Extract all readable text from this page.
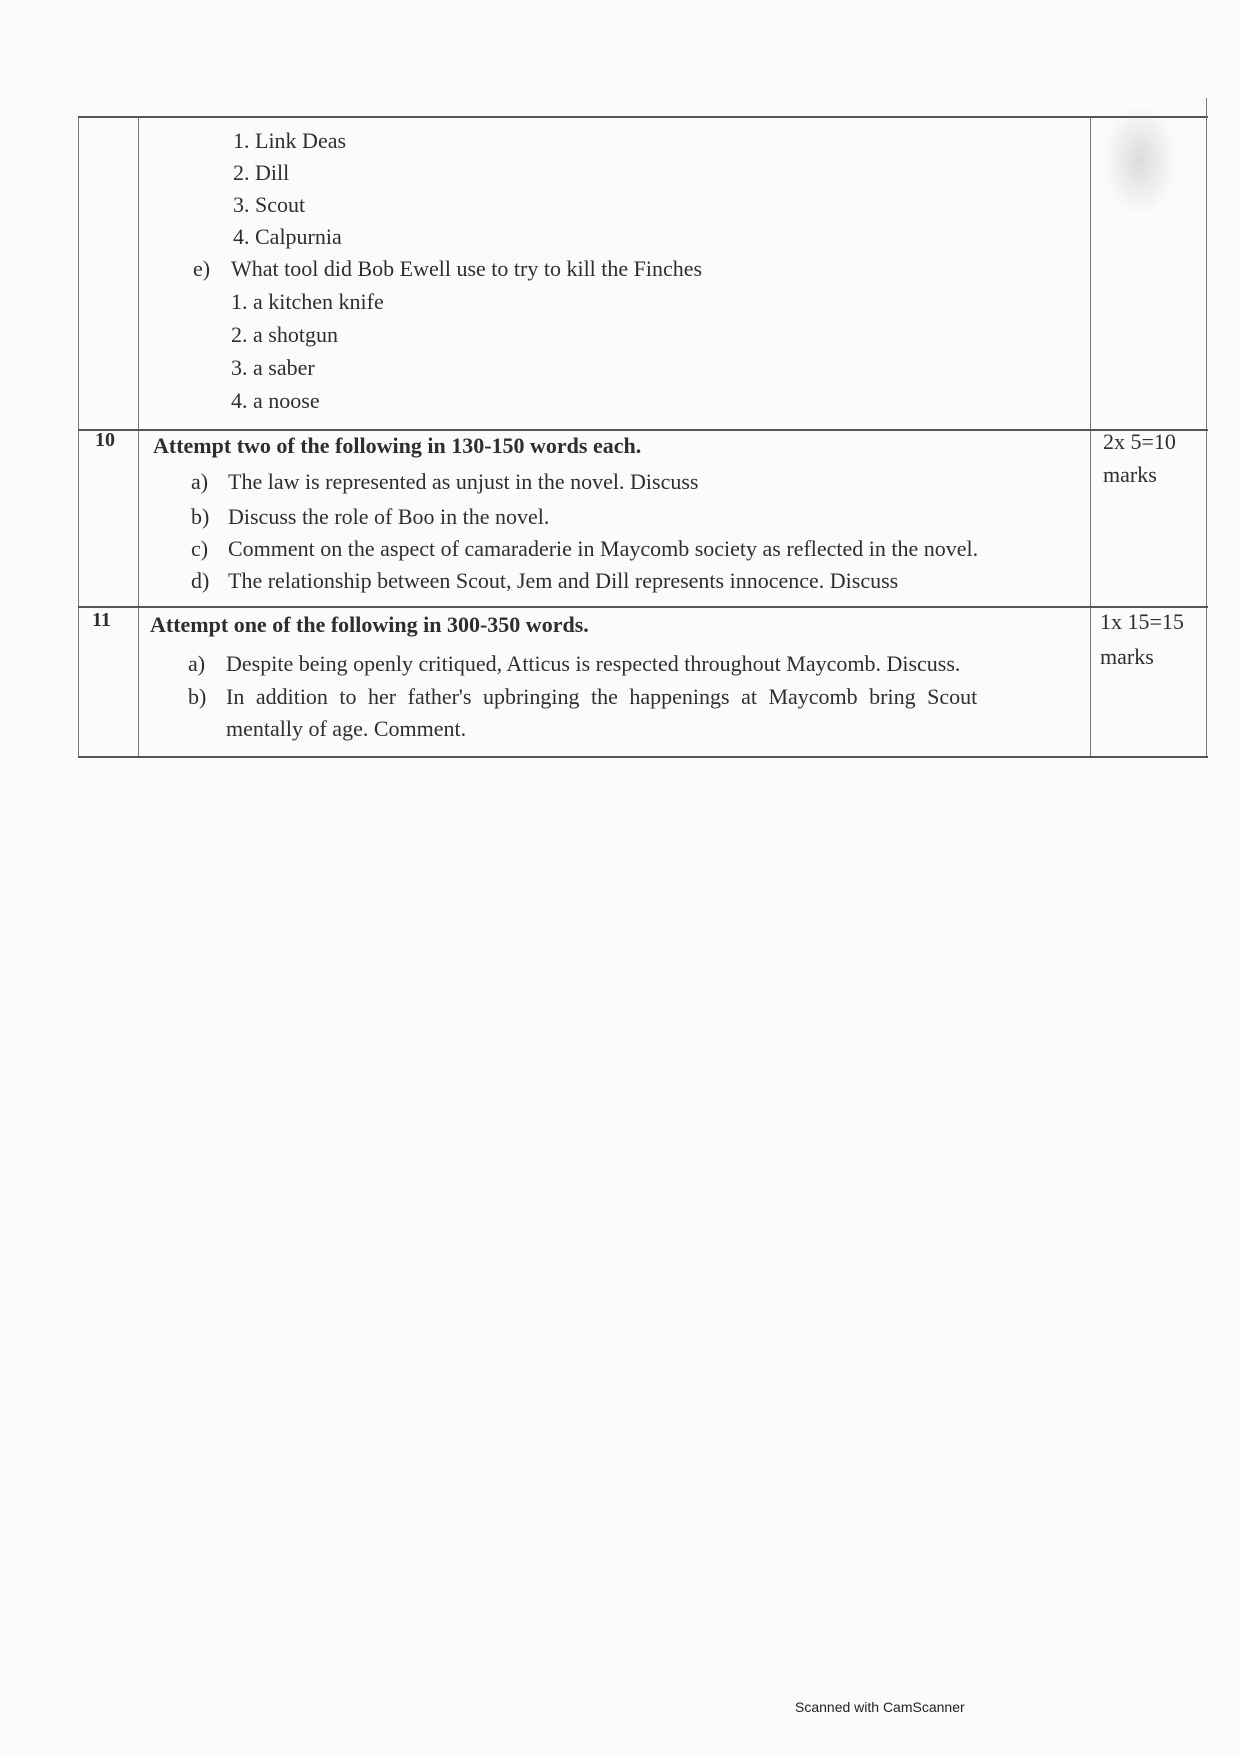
1. Link Deas
2. Dill
3. Scout
4. Calpurnia
e) What tool did Bob Ewell use to try to kill the Finches
1. a kitchen knife
2. a shotgun
3. a saber
4. a noose
10 Attempt two of the following in 130-150 words each.	2x 5=10
marks
a) The law is represented as unjust in the novel. Discuss
b) Discuss the role of Boo in the novel.
c) Comment on the aspect of camaraderie in Maycomb society as reflected in the novel.
d) The relationship between Scout, Jem and Dill represents innocence. Discuss
11 Attempt one of the following in 300-350 words.	1x 15=15
marks
a) Despite being openly critiqued, Atticus is respected throughout Maycomb. Discuss.
b) In addition to her father's upbringing the happenings at Maycomb bring Scout
mentally of age. Comment.
Scanned with CamScanner
